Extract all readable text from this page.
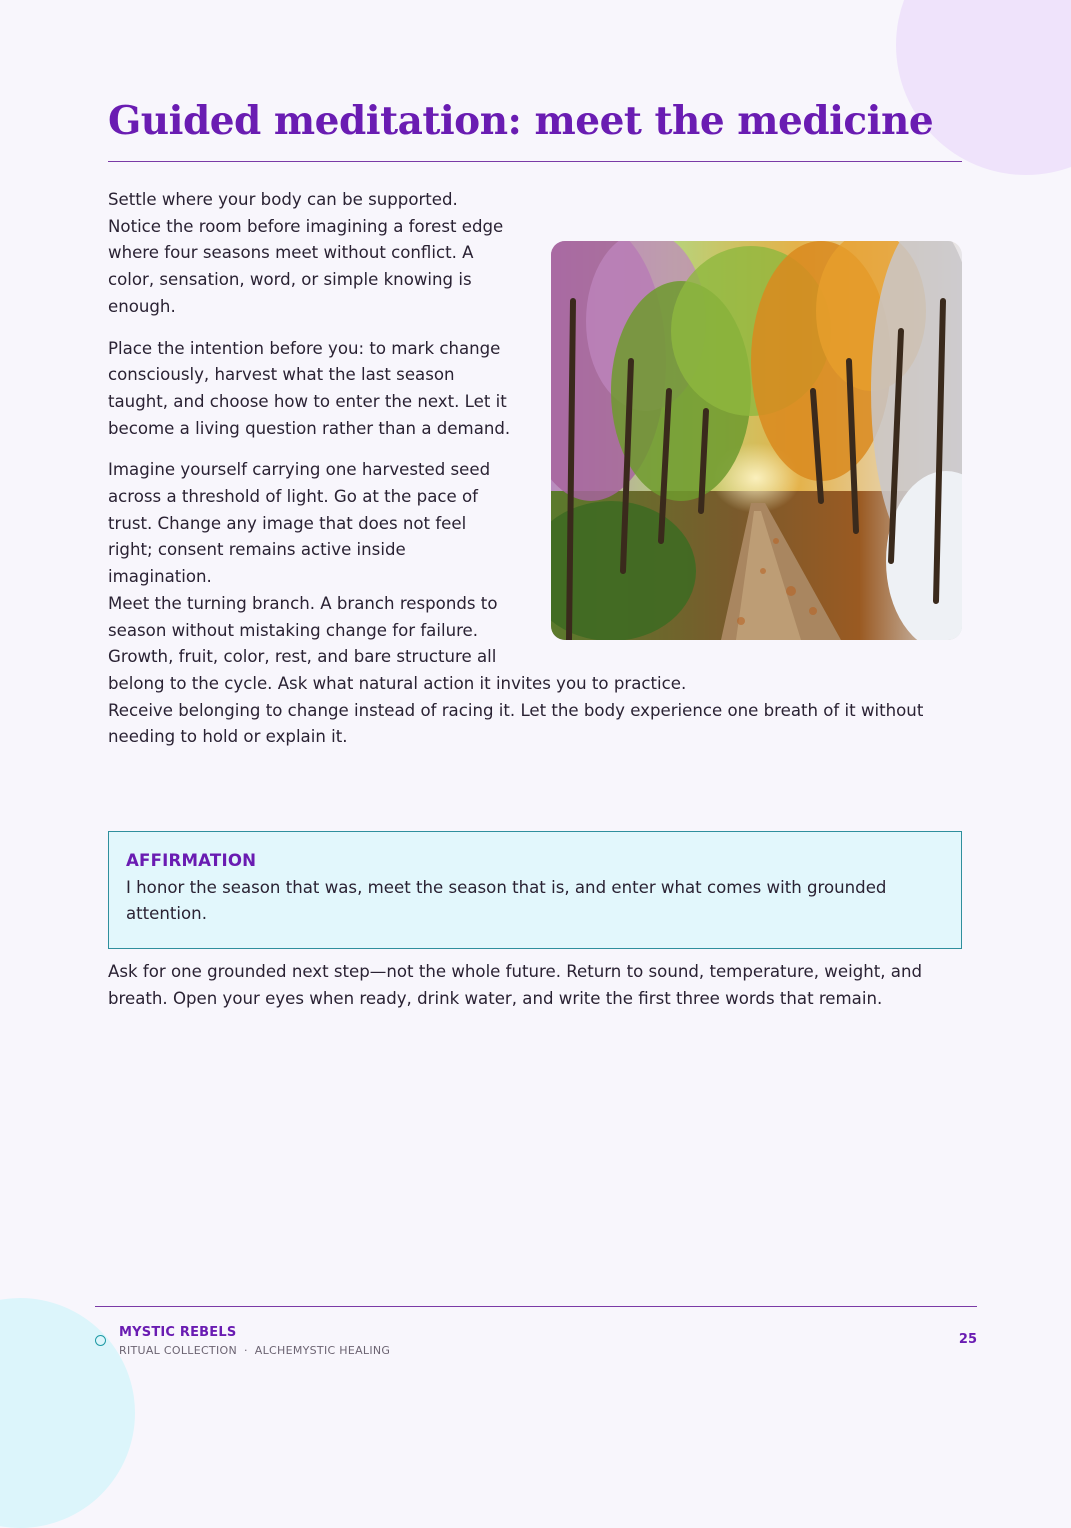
Guided meditation: meet the medicine

Settle where your body can be supported. Notice the room before imagining a forest edge where four seasons meet without conflict. A color, sensation, word, or simple knowing is enough.

Place the intention before you: to mark change consciously, harvest what the last season taught, and choose how to enter the next. Let it become a living question rather than a demand.

Imagine yourself carrying one harvested seed across a threshold of light. Go at the pace of trust. Change any image that does not feel right; consent remains active inside imagination.

Meet the turning branch. A branch responds to season without mistaking change for failure. Growth, fruit, color, rest, and bare structure all belong to the cycle. Ask what natural action it invites you to practice.

Receive belonging to change instead of racing it. Let the body experience one breath of it without needing to hold or explain it.

AFFIRMATION
I honor the season that was, meet the season that is, and enter what comes with grounded attention.

Ask for one grounded next step—not the whole future. Return to sound, temperature, weight, and breath. Open your eyes when ready, drink water, and write the first three words that remain.

MYSTIC REBELS
RITUAL COLLECTION · ALCHEMYSTIC HEALING
25
